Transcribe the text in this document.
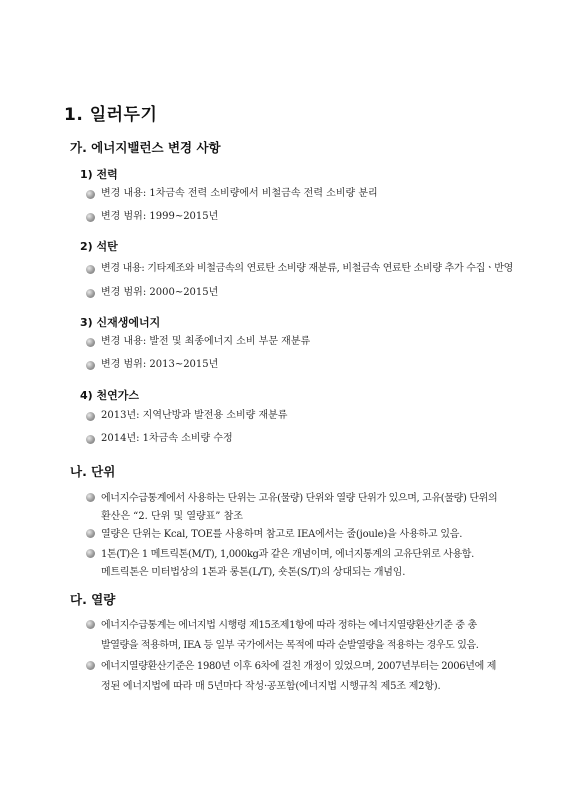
1. 일러두기
가. 에너지밸런스 변경 사항
1) 전력
변경 내용: 1차금속 전력 소비량에서 비철금속 전력 소비량 분리
변경 범위: 1999~2015년
2) 석탄
변경 내용: 기타제조와 비철금속의 연료탄 소비량 재분류, 비철금속 연료탄 소비량 추가 수집ㆍ반영
변경 범위: 2000~2015년
3) 신재생에너지
변경 내용: 발전 및 최종에너지 소비 부문 재분류
변경 범위: 2013~2015년
4) 천연가스
2013년: 지역난방과 발전용 소비량 재분류
2014년: 1차금속 소비량 수정
나. 단위
에너지수급통계에서 사용하는 단위는 고유(물량) 단위와 열량 단위가 있으며, 고유(물량) 단위의
환산은 “2. 단위 및 열량표” 참조
열량은 단위는 Kcal, TOE를 사용하며 참고로 IEA에서는 줄(joule)을 사용하고 있음.
1톤(T)은 1 메트릭톤(M/T), 1,000kg과 같은 개념이며, 에너지통계의 고유단위로 사용함.
메트릭톤은 미터법상의 1톤과 롱톤(L/T), 숏톤(S/T)의 상대되는 개념임.
다. 열량
에너지수급통계는 에너지법 시행령 제15조제1항에 따라 정하는 에너지열량환산기준 중 총
발열량을 적용하며, IEA 등 일부 국가에서는 목적에 따라 순발열량을 적용하는 경우도 있음.
에너지열량환산기준은 1980년 이후 6차에 걸친 개정이 있었으며, 2007년부터는 2006년에 제
정된 에너지법에 따라 매 5년마다 작성·공포함(에너지법 시행규칙 제5조 제2항).
